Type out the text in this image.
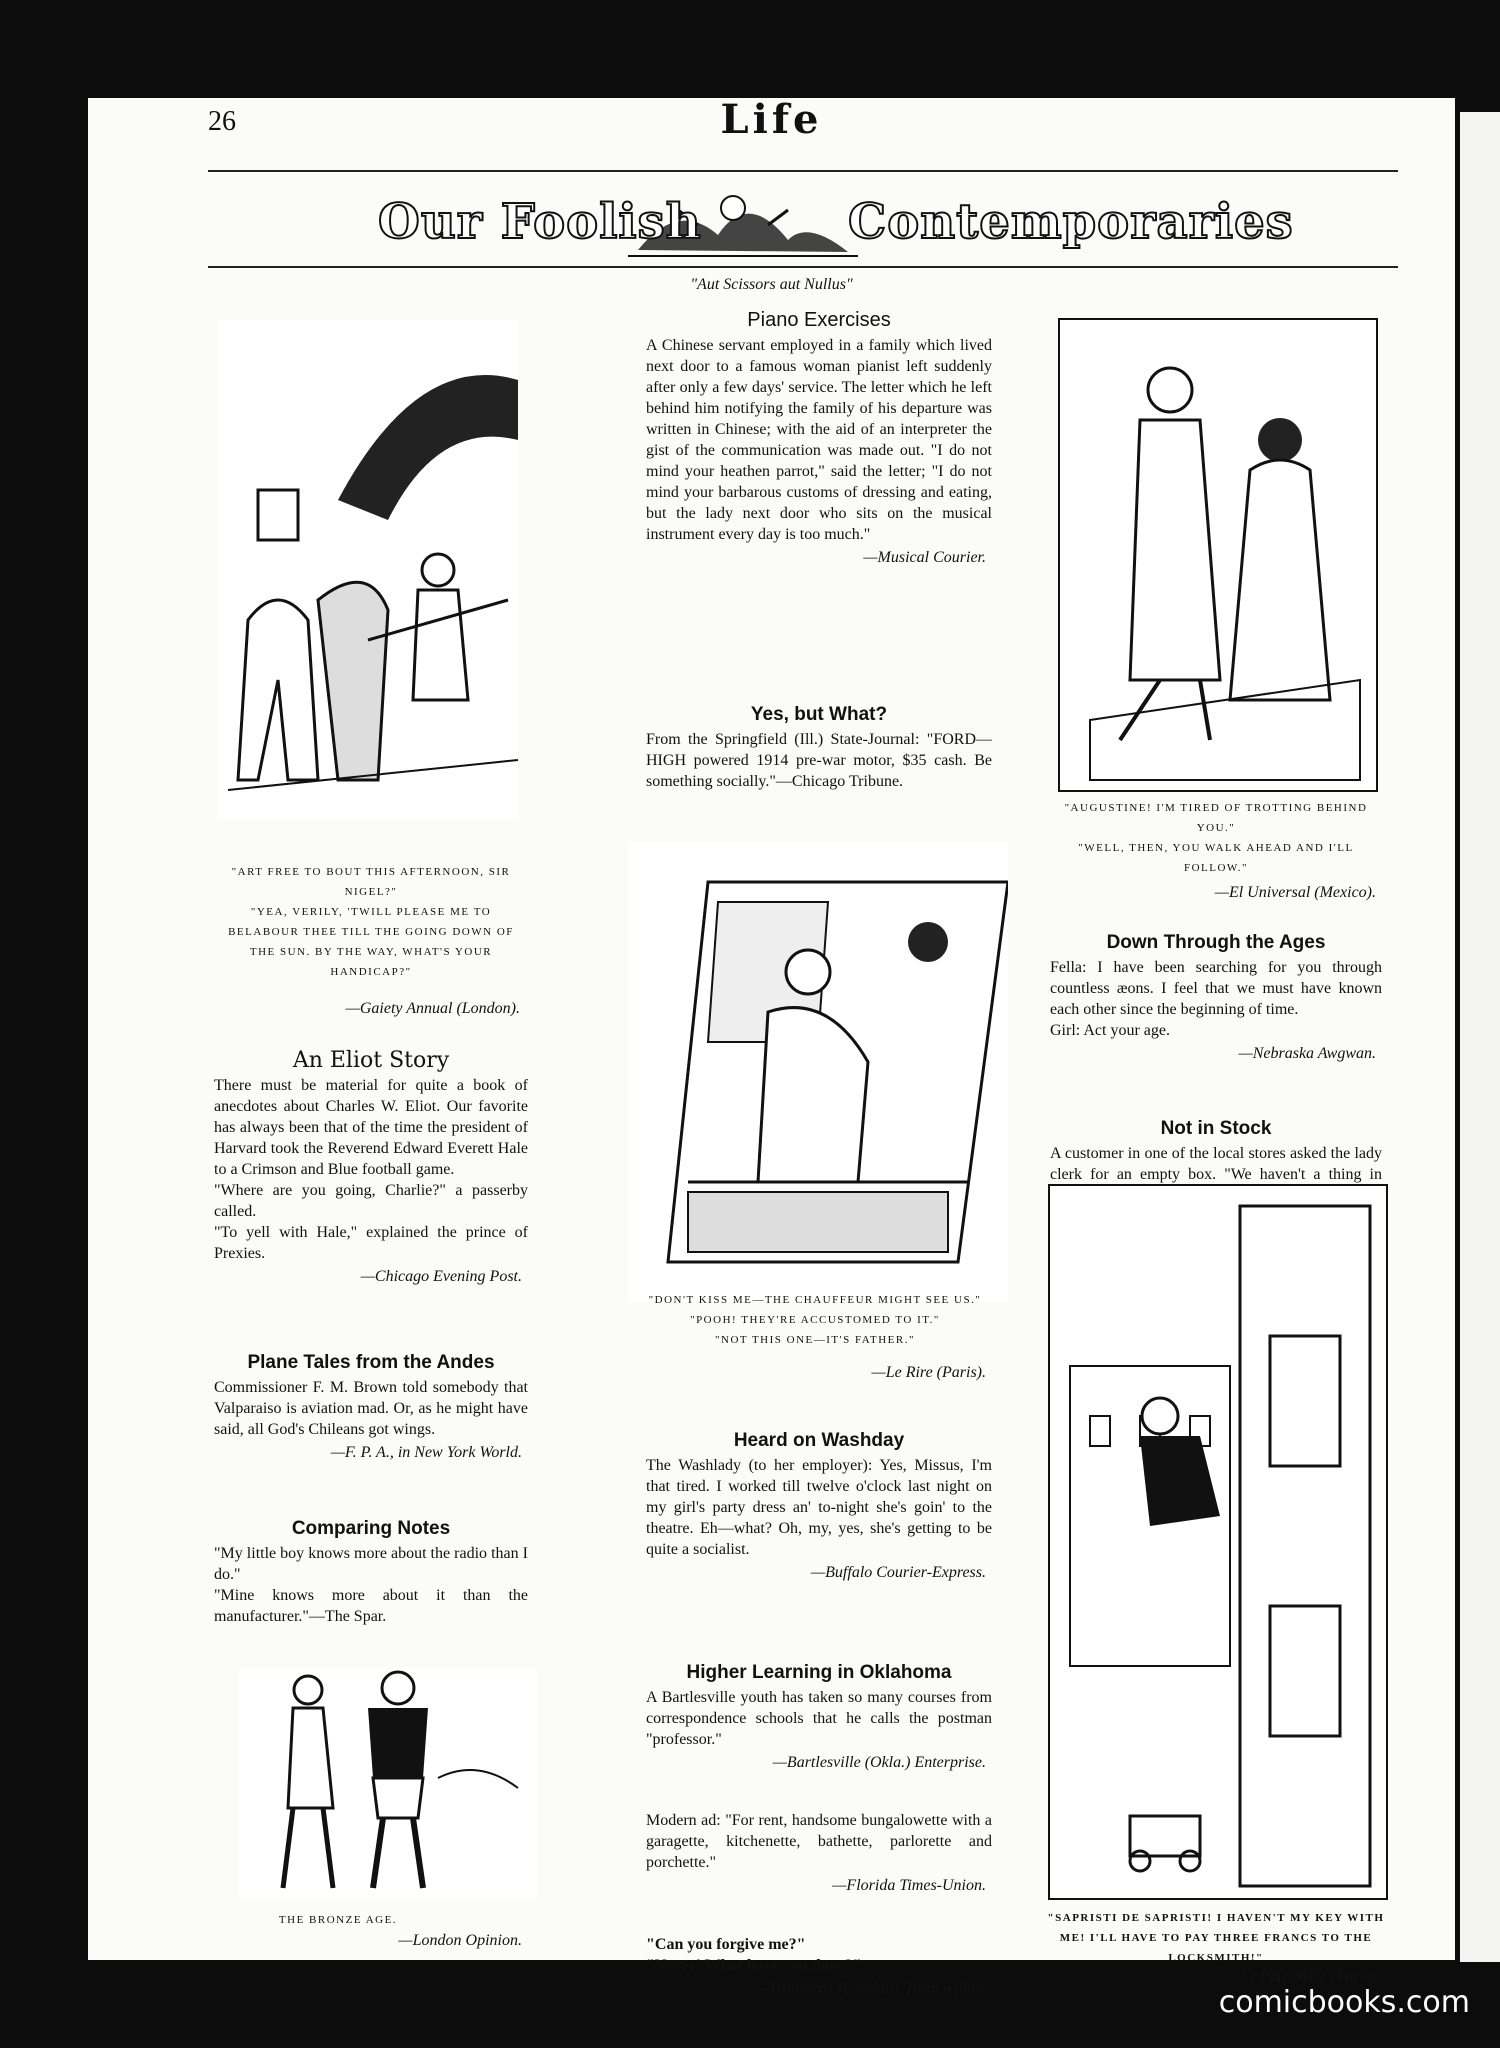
26	Life
Our Foolish	Contemporaries
"Aut Scissors aut Nullus"
"ART FREE TO BOUT THIS AFTERNOON, SIR NIGEL?"
"YEA, VERILY, 'TWILL PLEASE ME TO BELABOUR THEE TILL THE GOING DOWN OF THE SUN. BY THE WAY, WHAT'S YOUR HANDICAP?"
—Gaiety Annual (London).
An Eliot Story

There must be material for quite a book of anecdotes about Charles W. Eliot. Our favorite has always been that of the time the president of Harvard took the Reverend Edward Everett Hale to a Crimson and Blue football game.

"Where are you going, Charlie?" a passerby called.

"To yell with Hale," explained the prince of Prexies.

—Chicago Evening Post.
Plane Tales from the Andes

Commissioner F. M. Brown told somebody that Valparaiso is aviation mad. Or, as he might have said, all God's Chileans got wings.

—F. P. A., in New York World.
Comparing Notes

"My little boy knows more about the radio than I do."

"Mine knows more about it than the manufacturer."—The Spar.

THE BRONZE AGE.
—London Opinion.
Piano Exercises

A Chinese servant employed in a family which lived next door to a famous woman pianist left suddenly after only a few days' service. The letter which he left behind him notifying the family of his departure was written in Chinese; with the aid of an interpreter the gist of the communication was made out. "I do not mind your heathen parrot," said the letter; "I do not mind your barbarous customs of dressing and eating, but the lady next door who sits on the musical instrument every day is too much."

—Musical Courier.
Yes, but What?

From the Springfield (Ill.) State-Journal: "FORD—HIGH powered 1914 pre-war motor, $35 cash. Be something socially."—Chicago Tribune.

"DON'T KISS ME—THE CHAUFFEUR MIGHT SEE US."
"POOH! THEY'RE ACCUSTOMED TO IT."
"NOT THIS ONE—IT'S FATHER."
—Le Rire (Paris).
Heard on Washday

The Washlady (to her employer): Yes, Missus, I'm that tired. I worked till twelve o'clock last night on my girl's party dress an' to-night she's goin' to the theatre. Eh—what? Oh, my, yes, she's getting to be quite a socialist.

—Buffalo Courier-Express.
Higher Learning in Oklahoma

A Bartlesville youth has taken so many courses from correspondence schools that he calls the postman "professor."

—Bartlesville (Okla.) Enterprise.

Modern ad: "For rent, handsome bungalowette with a garagette, kitchenette, bathette, parlorette and porchette."

—Florida Times-Union.

"Can you forgive me?"

"Never! What have you done?"

—Humorist (London), from a play.
"AUGUSTINE! I'M TIRED OF TROTTING BEHIND YOU."
"WELL, THEN, YOU WALK AHEAD AND I'LL FOLLOW."
—El Universal (Mexico).
Down Through the Ages

Fella: I have been searching for you through countless æons. I feel that we must have known each other since the beginning of time.

Girl: Act your age.

—Nebraska Awgwan.
Not in Stock

A customer in one of the local stores asked the lady clerk for an empty box. "We haven't a thing in

"SAPRISTI DE SAPRISTI! I HAVEN'T MY KEY WITH ME! I'LL HAVE TO PAY THREE FRANCS TO THE LOCKSMITH!"
—Le Pêle-Mêle (Paris).
comicbooks.com
